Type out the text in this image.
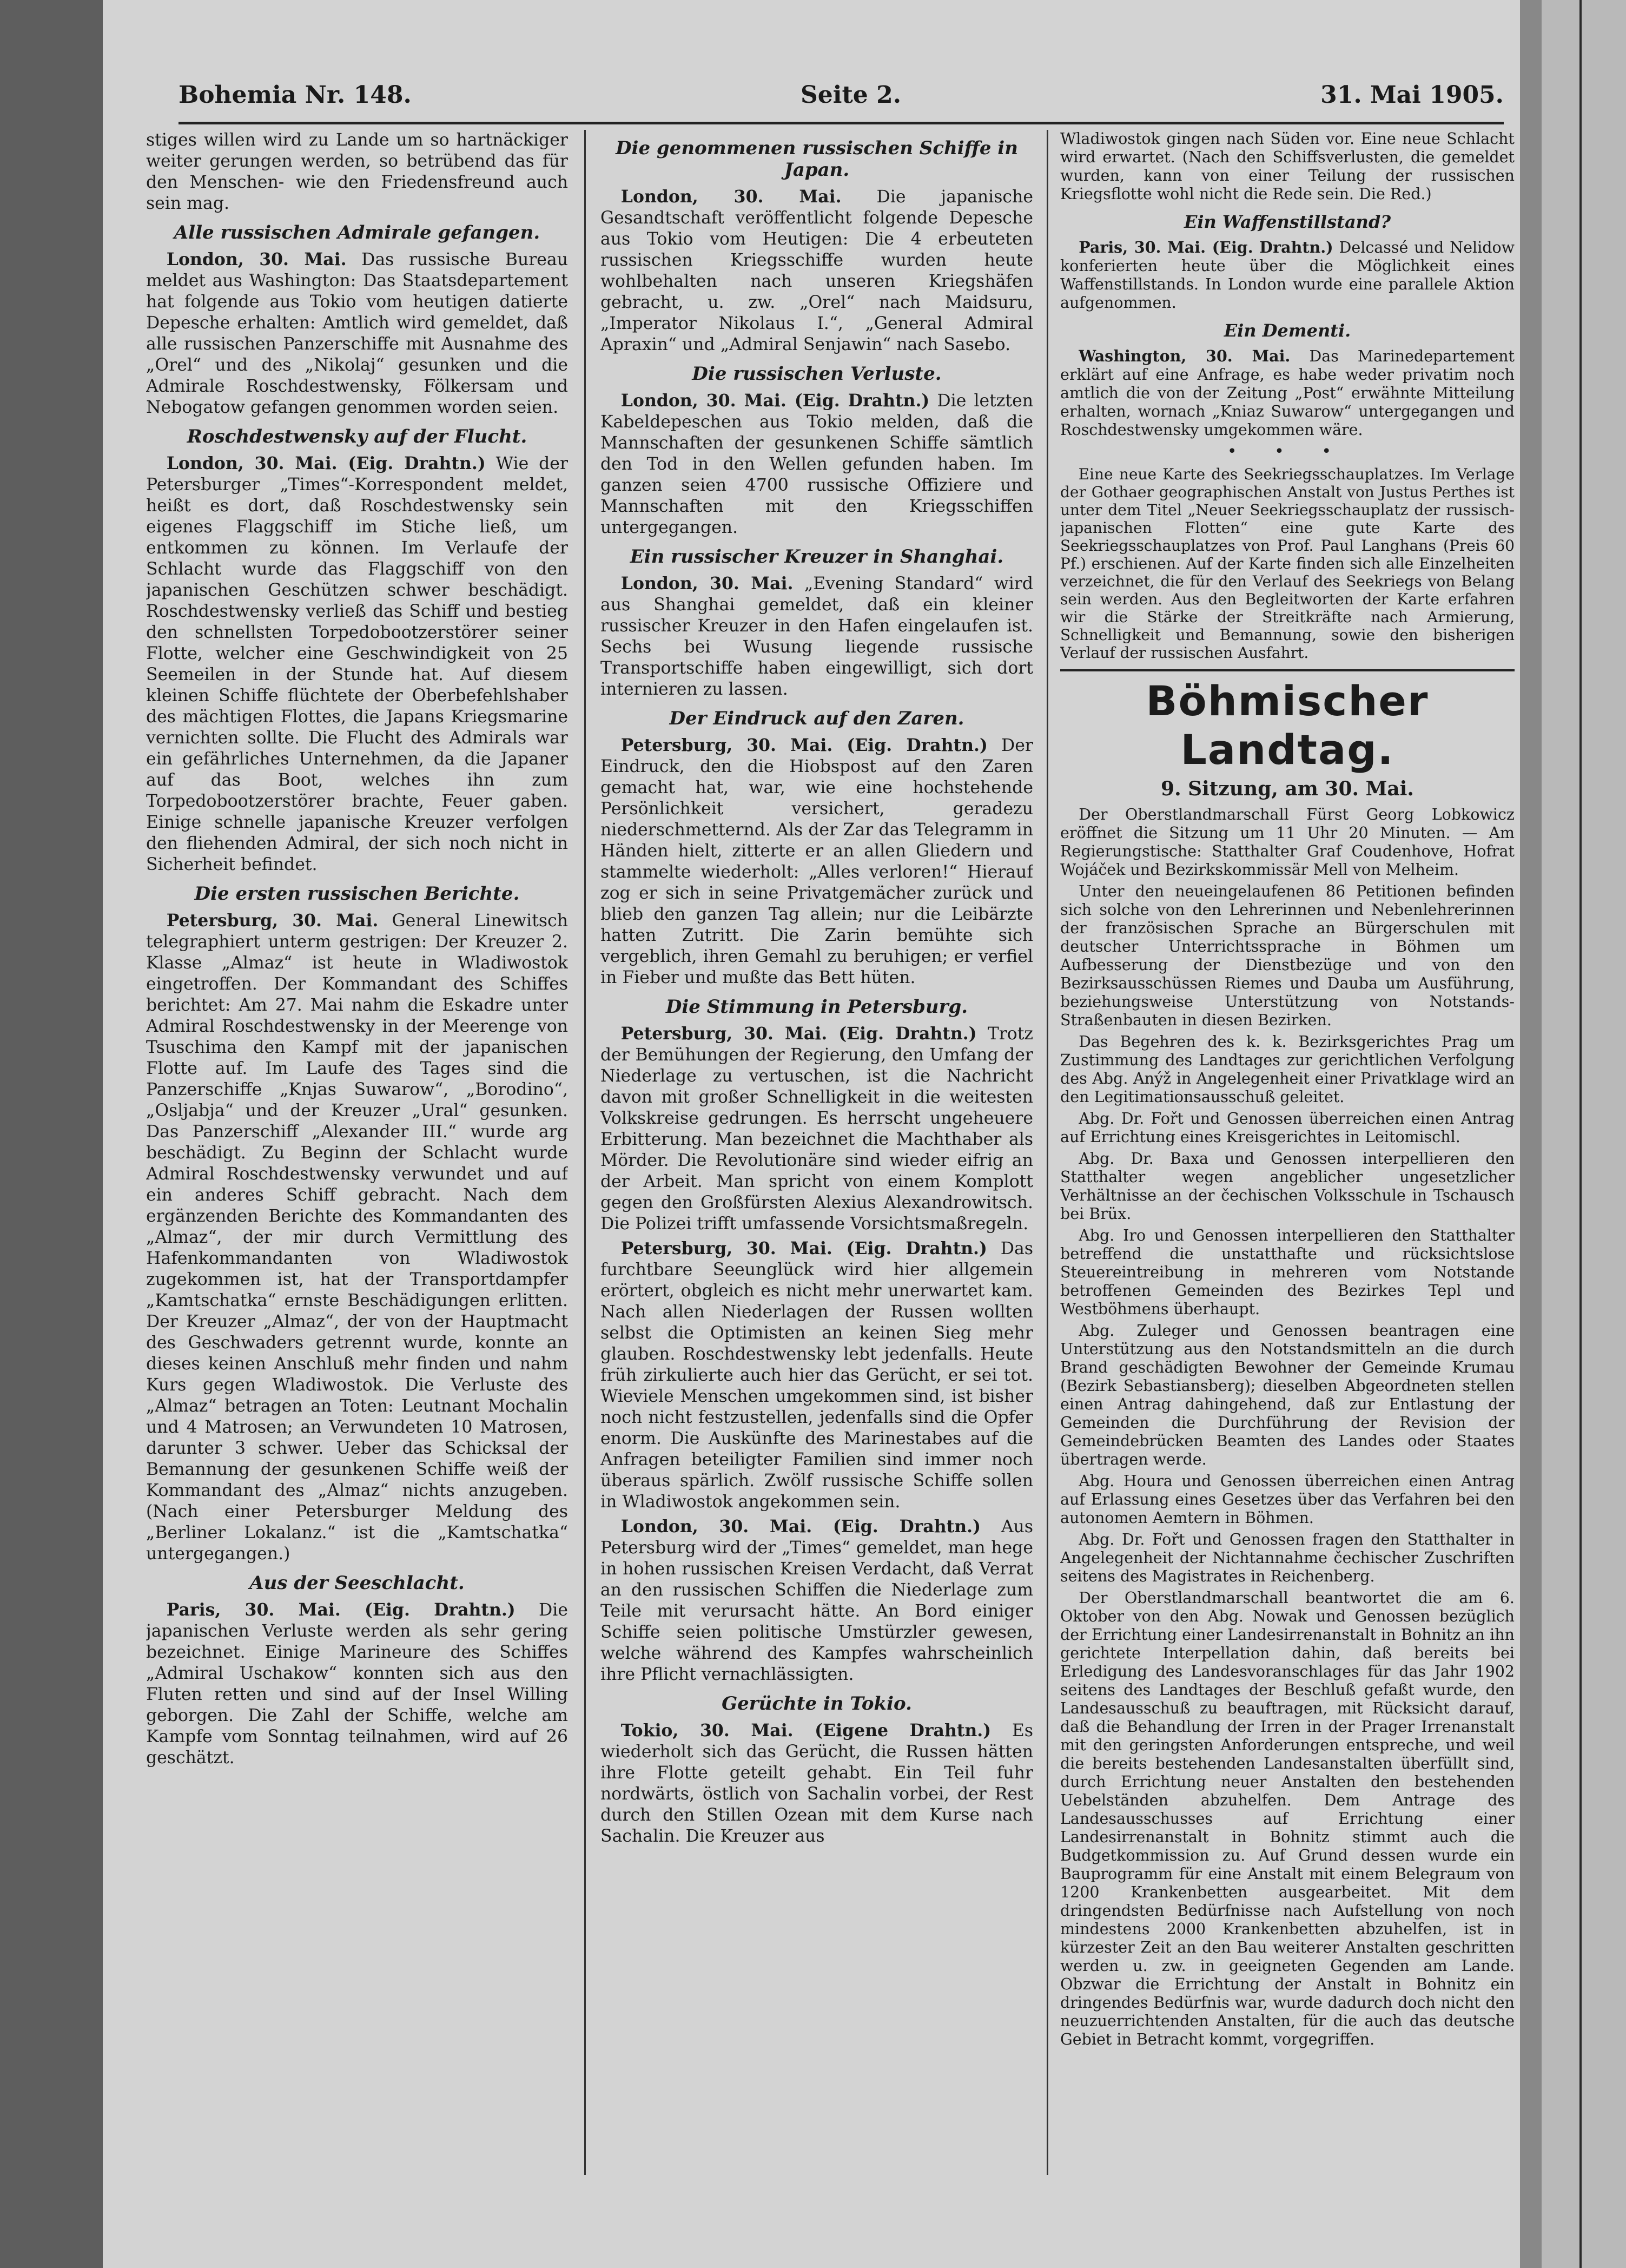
Bohemia Nr. 148.	Seite 2.	31. Mai 1905.

stiges willen wird zu Lande um so hartnäckiger weiter gerungen werden, so betrübend das für den Menschen- wie den Friedensfreund auch sein mag.

Alle russischen Admirale gefangen.

London, 30. Mai. Das russische Bureau meldet aus Washington: Das Staatsdepartement hat folgende aus Tokio vom heutigen datierte Depesche erhalten: Amtlich wird gemeldet, daß alle russischen Panzerschiffe mit Ausnahme des „Orel“ und des „Nikolaj“ gesunken und die Admirale Roschdestwensky, Fölkersam und Nebogatow gefangen genommen worden seien.

Roschdestwensky auf der Flucht.

London, 30. Mai. (Eig. Drahtn.) Wie der Petersburger „Times“-Korrespondent meldet, heißt es dort, daß Roschdestwensky sein eigenes Flaggschiff im Stiche ließ, um entkommen zu können. Im Verlaufe der Schlacht wurde das Flaggschiff von den japanischen Geschützen schwer beschädigt. Roschdestwensky verließ das Schiff und bestieg den schnellsten Torpedobootzerstörer seiner Flotte, welcher eine Geschwindigkeit von 25 Seemeilen in der Stunde hat. Auf diesem kleinen Schiffe flüchtete der Oberbefehlshaber des mächtigen Flottes, die Japans Kriegsmarine vernichten sollte. Die Flucht des Admirals war ein gefährliches Unternehmen, da die Japaner auf das Boot, welches ihn zum Torpedobootzerstörer brachte, Feuer gaben. Einige schnelle japanische Kreuzer verfolgen den fliehenden Admiral, der sich noch nicht in Sicherheit befindet.

Die ersten russischen Berichte.

Petersburg, 30. Mai. General Linewitsch telegraphiert unterm gestrigen: Der Kreuzer 2. Klasse „Almaz“ ist heute in Wladiwostok eingetroffen. Der Kommandant des Schiffes berichtet: Am 27. Mai nahm die Eskadre unter Admiral Roschdestwensky in der Meerenge von Tsuschima den Kampf mit der japanischen Flotte auf. Im Laufe des Tages sind die Panzerschiffe „Knjas Suwarow“, „Borodino“, „Osljabja“ und der Kreuzer „Ural“ gesunken. Das Panzerschiff „Alexander III.“ wurde arg beschädigt. Zu Beginn der Schlacht wurde Admiral Roschdestwensky verwundet und auf ein anderes Schiff gebracht. Nach dem ergänzenden Berichte des Kommandanten des „Almaz“, der mir durch Vermittlung des Hafenkommandanten von Wladiwostok zugekommen ist, hat der Transportdampfer „Kamtschatka“ ernste Beschädigungen erlitten. Der Kreuzer „Almaz“, der von der Hauptmacht des Geschwaders getrennt wurde, konnte an dieses keinen Anschluß mehr finden und nahm Kurs gegen Wladiwostok. Die Verluste des „Almaz“ betragen an Toten: Leutnant Mochalin und 4 Matrosen; an Verwundeten 10 Matrosen, darunter 3 schwer. Ueber das Schicksal der Bemannung der gesunkenen Schiffe weiß der Kommandant des „Almaz“ nichts anzugeben. (Nach einer Petersburger Meldung des „Berliner Lokalanz.“ ist die „Kamtschatka“ untergegangen.)

Aus der Seeschlacht.

Paris, 30. Mai. (Eig. Drahtn.) Die japanischen Verluste werden als sehr gering bezeichnet. Einige Marineure des Schiffes „Admiral Uschakow“ konnten sich aus den Fluten retten und sind auf der Insel Willing geborgen. Die Zahl der Schiffe, welche am Kampfe vom Sonntag teilnahmen, wird auf 26 geschätzt.

Die genommenen russischen Schiffe in Japan.

London, 30. Mai. Die japanische Gesandtschaft veröffentlicht folgende Depesche aus Tokio vom Heutigen: Die 4 erbeuteten russischen Kriegsschiffe wurden heute wohlbehalten nach unseren Kriegshäfen gebracht, u. zw. „Orel“ nach Maidsuru, „Imperator Nikolaus I.“, „General Admiral Apraxin“ und „Admiral Senjawin“ nach Sasebo.

Die russischen Verluste.

London, 30. Mai. (Eig. Drahtn.) Die letzten Kabeldepeschen aus Tokio melden, daß die Mannschaften der gesunkenen Schiffe sämtlich den Tod in den Wellen gefunden haben. Im ganzen seien 4700 russische Offiziere und Mannschaften mit den Kriegsschiffen untergegangen.

Ein russischer Kreuzer in Shanghai.

London, 30. Mai. „Evening Standard“ wird aus Shanghai gemeldet, daß ein kleiner russischer Kreuzer in den Hafen eingelaufen ist. Sechs bei Wusung liegende russische Transportschiffe haben eingewilligt, sich dort internieren zu lassen.

Der Eindruck auf den Zaren.

Petersburg, 30. Mai. (Eig. Drahtn.) Der Eindruck, den die Hiobspost auf den Zaren gemacht hat, war, wie eine hochstehende Persönlichkeit versichert, geradezu niederschmetternd. Als der Zar das Telegramm in Händen hielt, zitterte er an allen Gliedern und stammelte wiederholt: „Alles verloren!“ Hierauf zog er sich in seine Privatgemächer zurück und blieb den ganzen Tag allein; nur die Leibärzte hatten Zutritt. Die Zarin bemühte sich vergeblich, ihren Gemahl zu beruhigen; er verfiel in Fieber und mußte das Bett hüten.

Die Stimmung in Petersburg.

Petersburg, 30. Mai. (Eig. Drahtn.) Trotz der Bemühungen der Regierung, den Umfang der Niederlage zu vertuschen, ist die Nachricht davon mit großer Schnelligkeit in die weitesten Volkskreise gedrungen. Es herrscht ungeheuere Erbitterung. Man bezeichnet die Machthaber als Mörder. Die Revolutionäre sind wieder eifrig an der Arbeit. Man spricht von einem Komplott gegen den Großfürsten Alexius Alexandrowitsch. Die Polizei trifft umfassende Vorsichtsmaßregeln.

Petersburg, 30. Mai. (Eig. Drahtn.) Das furchtbare Seeunglück wird hier allgemein erörtert, obgleich es nicht mehr unerwartet kam. Nach allen Niederlagen der Russen wollten selbst die Optimisten an keinen Sieg mehr glauben. Roschdestwensky lebt jedenfalls. Heute früh zirkulierte auch hier das Gerücht, er sei tot. Wieviele Menschen umgekommen sind, ist bisher noch nicht festzustellen, jedenfalls sind die Opfer enorm. Die Auskünfte des Marinestabes auf die Anfragen beteiligter Familien sind immer noch überaus spärlich. Zwölf russische Schiffe sollen in Wladiwostok angekommen sein.

London, 30. Mai. (Eig. Drahtn.) Aus Petersburg wird der „Times“ gemeldet, man hege in hohen russischen Kreisen Verdacht, daß Verrat an den russischen Schiffen die Niederlage zum Teile mit verursacht hätte. An Bord einiger Schiffe seien politische Umstürzler gewesen, welche während des Kampfes wahrscheinlich ihre Pflicht vernachlässigten.

Gerüchte in Tokio.

Tokio, 30. Mai. (Eigene Drahtn.) Es wiederholt sich das Gerücht, die Russen hätten ihre Flotte geteilt gehabt. Ein Teil fuhr nordwärts, östlich von Sachalin vorbei, der Rest durch den Stillen Ozean mit dem Kurse nach Sachalin. Die Kreuzer aus

Wladiwostok gingen nach Süden vor. Eine neue Schlacht wird erwartet. (Nach den Schiffsverlusten, die gemeldet wurden, kann von einer Teilung der russischen Kriegsflotte wohl nicht die Rede sein. Die Red.)

Ein Waffenstillstand?

Paris, 30. Mai. (Eig. Drahtn.) Delcassé und Nelidow konferierten heute über die Möglichkeit eines Waffenstillstands. In London wurde eine parallele Aktion aufgenommen.

Ein Dementi.

Washington, 30. Mai. Das Marinedepartement erklärt auf eine Anfrage, es habe weder privatim noch amtlich die von der Zeitung „Post“ erwähnte Mitteilung erhalten, wornach „Kniaz Suwarow“ untergegangen und Roschdestwensky umgekommen wäre.

• • •

Eine neue Karte des Seekriegsschauplatzes. Im Verlage der Gothaer geographischen Anstalt von Justus Perthes ist unter dem Titel „Neuer Seekriegsschauplatz der russisch-japanischen Flotten“ eine gute Karte des Seekriegsschauplatzes von Prof. Paul Langhans (Preis 60 Pf.) erschienen. Auf der Karte finden sich alle Einzelheiten verzeichnet, die für den Verlauf des Seekriegs von Belang sein werden. Aus den Begleitworten der Karte erfahren wir die Stärke der Streitkräfte nach Armierung, Schnelligkeit und Bemannung, sowie den bisherigen Verlauf der russischen Ausfahrt.

Böhmischer Landtag.
9. Sitzung, am 30. Mai.

Der Oberstlandmarschall Fürst Georg Lobkowicz eröffnet die Sitzung um 11 Uhr 20 Minuten. — Am Regierungstische: Statthalter Graf Coudenhove, Hofrat Wojáček und Bezirkskommissär Mell von Melheim.

Unter den neueingelaufenen 86 Petitionen befinden sich solche von den Lehrerinnen und Nebenlehrerinnen der französischen Sprache an Bürgerschulen mit deutscher Unterrichtssprache in Böhmen um Aufbesserung der Dienstbezüge und von den Bezirksausschüssen Riemes und Dauba um Ausführung, beziehungsweise Unterstützung von Notstands-Straßenbauten in diesen Bezirken.

Das Begehren des k. k. Bezirksgerichtes Prag um Zustimmung des Landtages zur gerichtlichen Verfolgung des Abg. Anýž in Angelegenheit einer Privatklage wird an den Legitimationsausschuß geleitet.

Abg. Dr. Fořt und Genossen überreichen einen Antrag auf Errichtung eines Kreisgerichtes in Leitomischl.

Abg. Dr. Baxa und Genossen interpellieren den Statthalter wegen angeblicher ungesetzlicher Verhältnisse an der čechischen Volksschule in Tschausch bei Brüx.

Abg. Iro und Genossen interpellieren den Statthalter betreffend die unstatthafte und rücksichtslose Steuereintreibung in mehreren vom Notstande betroffenen Gemeinden des Bezirkes Tepl und Westböhmens überhaupt.

Abg. Zuleger und Genossen beantragen eine Unterstützung aus den Notstandsmitteln an die durch Brand geschädigten Bewohner der Gemeinde Krumau (Bezirk Sebastiansberg); dieselben Abgeordneten stellen einen Antrag dahingehend, daß zur Entlastung der Gemeinden die Durchführung der Revision der Gemeindebrücken Beamten des Landes oder Staates übertragen werde.

Abg. Houra und Genossen überreichen einen Antrag auf Erlassung eines Gesetzes über das Verfahren bei den autonomen Aemtern in Böhmen.

Abg. Dr. Fořt und Genossen fragen den Statthalter in Angelegenheit der Nichtannahme čechischer Zuschriften seitens des Magistrates in Reichenberg.

Der Oberstlandmarschall beantwortet die am 6. Oktober von den Abg. Nowak und Genossen bezüglich der Errichtung einer Landesirrenanstalt in Bohnitz an ihn gerichtete Interpellation dahin, daß bereits bei Erledigung des Landesvoranschlages für das Jahr 1902 seitens des Landtages der Beschluß gefaßt wurde, den Landesausschuß zu beauftragen, mit Rücksicht darauf, daß die Behandlung der Irren in der Prager Irrenanstalt mit den geringsten Anforderungen entspreche, und weil die bereits bestehenden Landesanstalten überfüllt sind, durch Errichtung neuer Anstalten den bestehenden Uebelständen abzuhelfen. Dem Antrage des Landesausschusses auf Errichtung einer Landesirrenanstalt in Bohnitz stimmt auch die Budgetkommission zu. Auf Grund dessen wurde ein Bauprogramm für eine Anstalt mit einem Belegraum von 1200 Krankenbetten ausgearbeitet. Mit dem dringendsten Bedürfnisse nach Aufstellung von noch mindestens 2000 Krankenbetten abzuhelfen, ist in kürzester Zeit an den Bau weiterer Anstalten geschritten werden u. zw. in geeigneten Gegenden am Lande. Obzwar die Errichtung der Anstalt in Bohnitz ein dringendes Bedürfnis war, wurde dadurch doch nicht den neuzuerrichtenden Anstalten, für die auch das deutsche Gebiet in Betracht kommt, vorgegriffen.
